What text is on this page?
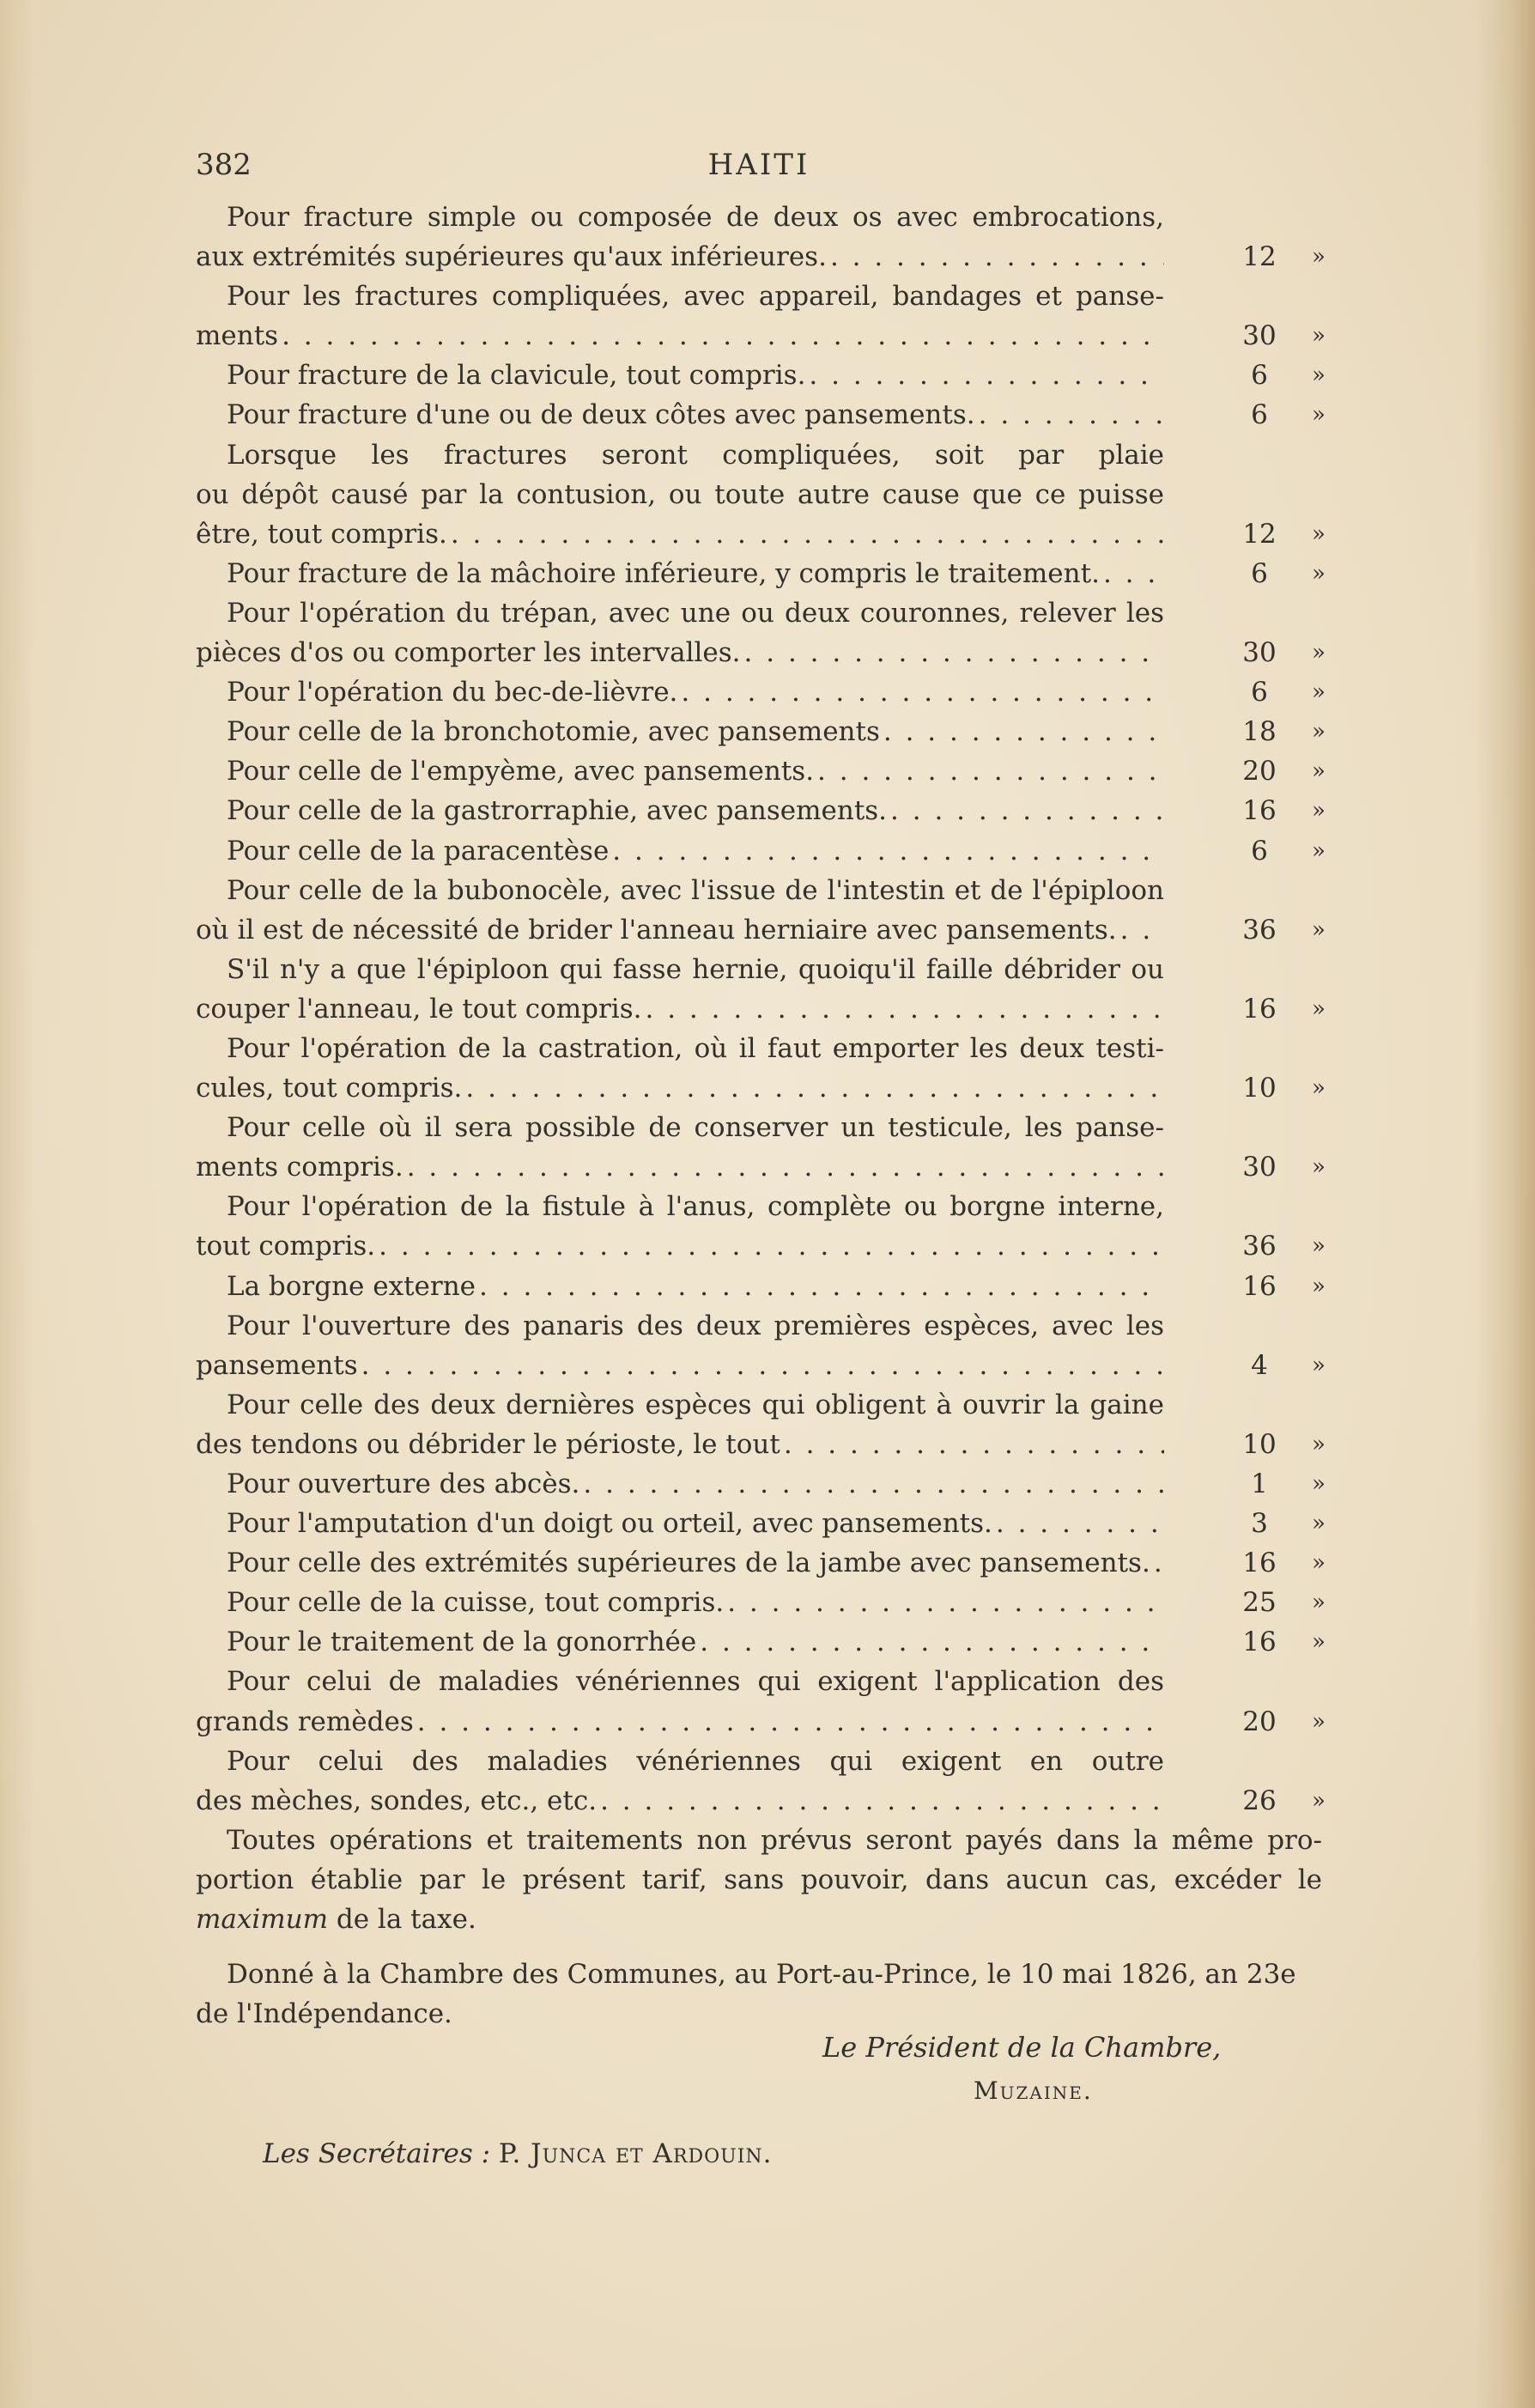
382	HAITI
Pour fracture simple ou composée de deux os avec embrocations,
aux extrémités supérieures qu'aux inférieures. . . .	12	»
Pour les fractures compliquées, avec appareil, bandages et panse-
ments . . .	30	»
Pour fracture de la clavicule, tout compris. . . .	6	»
Pour fracture d'une ou de deux côtes avec pansements. . . .	6	»
Lorsque les fractures seront compliquées, soit par plaie
ou dépôt causé par la contusion, ou toute autre cause que ce puisse
être, tout compris. . . .	12	»
Pour fracture de la mâchoire inférieure, y compris le traitement. . . .	6	»
Pour l'opération du trépan, avec une ou deux couronnes, relever les
pièces d'os ou comporter les intervalles. . . .	30	»
Pour l'opération du bec-de-lièvre. . . .	6	»
Pour celle de la bronchotomie, avec pansements . . .	18	»
Pour celle de l'empyème, avec pansements. . . .	20	»
Pour celle de la gastrorraphie, avec pansements. . . .	16	»
Pour celle de la paracentèse . . .	6	»
Pour celle de la bubonocèle, avec l'issue de l'intestin et de l'épiploon
où il est de nécessité de brider l'anneau herniaire avec pansements. . . .	36	»
S'il n'y a que l'épiploon qui fasse hernie, quoiqu'il faille débrider ou
couper l'anneau, le tout compris. . . .	16	»
Pour l'opération de la castration, où il faut emporter les deux testi-
cules, tout compris. . . .	10	»
Pour celle où il sera possible de conserver un testicule, les panse-
ments compris. . . .	30	»
Pour l'opération de la fistule à l'anus, complète ou borgne interne,
tout compris. . . .	36	»
La borgne externe . . .	16	»
Pour l'ouverture des panaris des deux premières espèces, avec les
pansements . . .	4	»
Pour celle des deux dernières espèces qui obligent à ouvrir la gaine
des tendons ou débrider le périoste, le tout . . .	10	»
Pour ouverture des abcès. . . .	1	»
Pour l'amputation d'un doigt ou orteil, avec pansements. . . .	3	»
Pour celle des extrémités supérieures de la jambe avec pansements. . . .	16	»
Pour celle de la cuisse, tout compris. . . .	25	»
Pour le traitement de la gonorrhée . . .	16	»
Pour celui de maladies vénériennes qui exigent l'application des
grands remèdes . . .	20	»
Pour celui des maladies vénériennes qui exigent en outre
des mèches, sondes, etc., etc. . . .	26	»
Toutes opérations et traitements non prévus seront payés dans la même pro-
portion établie par le présent tarif, sans pouvoir, dans aucun cas, excéder le
maximum de la taxe.
Donné à la Chambre des Communes, au Port-au-Prince, le 10 mai 1826, an 23e
de l'Indépendance.
Le Président de la Chambre,
Muzaine.
Les Secrétaires : P. Junca et Ardouin.
